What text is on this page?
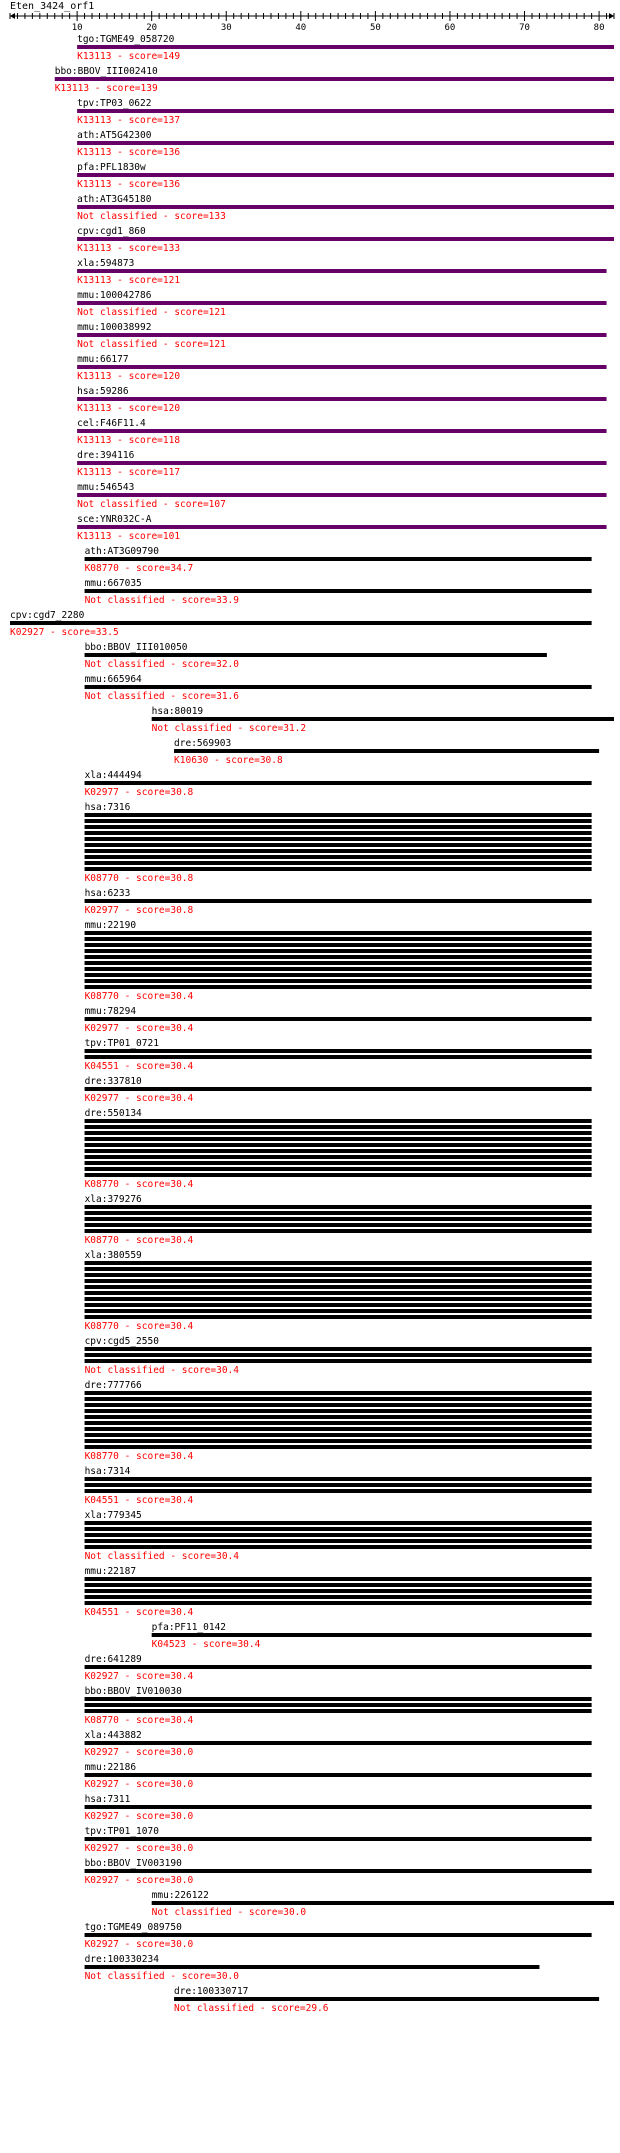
Eten_3424_orf1
10	20	30	40	50	60	70	80
tgo:TGME49_058720
K13113 - score=149
bbo:BBOV_III002410
K13113 - score=139
tpv:TP03_0622
K13113 - score=137
ath:AT5G42300
K13113 - score=136
pfa:PFL1830w
K13113 - score=136
ath:AT3G45180
Not classified - score=133
cpv:cgd1_860
K13113 - score=133
xla:594873
K13113 - score=121
mmu:100042786
Not classified - score=121
mmu:100038992
Not classified - score=121
mmu:66177
K13113 - score=120
hsa:59286
K13113 - score=120
cel:F46F11.4
K13113 - score=118
dre:394116
K13113 - score=117
mmu:546543
Not classified - score=107
sce:YNR032C-A
K13113 - score=101
ath:AT3G09790
K08770 - score=34.7
mmu:667035
Not classified - score=33.9
cpv:cgd7_2280
K02927 - score=33.5
bbo:BBOV_III010050
Not classified - score=32.0
mmu:665964
Not classified - score=31.6
hsa:80019
Not classified - score=31.2
dre:569903
K10630 - score=30.8
xla:444494
K02977 - score=30.8
hsa:7316
K08770 - score=30.8
hsa:6233
K02977 - score=30.8
mmu:22190
K08770 - score=30.4
mmu:78294
K02977 - score=30.4
tpv:TP01_0721
K04551 - score=30.4
dre:337810
K02977 - score=30.4
dre:550134
K08770 - score=30.4
xla:379276
K08770 - score=30.4
xla:380559
K08770 - score=30.4
cpv:cgd5_2550
Not classified - score=30.4
dre:777766
K08770 - score=30.4
hsa:7314
K04551 - score=30.4
xla:779345
Not classified - score=30.4
mmu:22187
K04551 - score=30.4
pfa:PF11_0142
K04523 - score=30.4
dre:641289
K02927 - score=30.4
bbo:BBOV_IV010030
K08770 - score=30.4
xla:443882
K02927 - score=30.0
mmu:22186
K02927 - score=30.0
hsa:7311
K02927 - score=30.0
tpv:TP01_1070
K02927 - score=30.0
bbo:BBOV_IV003190
K02927 - score=30.0
mmu:226122
Not classified - score=30.0
tgo:TGME49_089750
K02927 - score=30.0
dre:100330234
Not classified - score=30.0
dre:100330717
Not classified - score=29.6
